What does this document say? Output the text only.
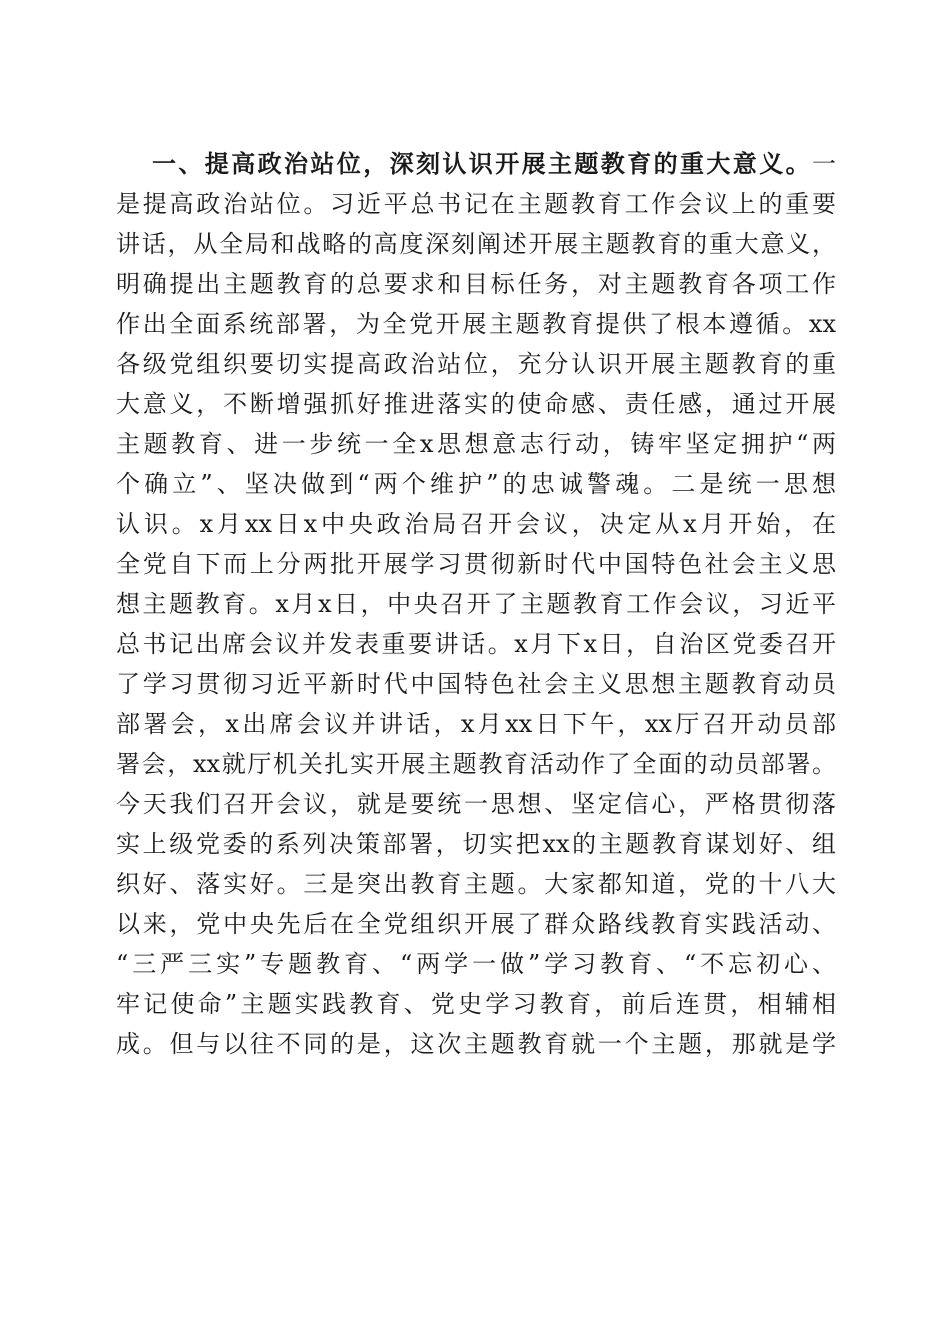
一、提高政治站位，深刻认识开展主题教育的重大意义。一
是提高政治站位。习近平总书记在主题教育工作会议上的重要
讲话，从全局和战略的高度深刻阐述开展主题教育的重大意义，
明确提出主题教育的总要求和目标任务，对主题教育各项工作
作出全面系统部署，为全党开展主题教育提供了根本遵循。xx
各级党组织要切实提高政治站位，充分认识开展主题教育的重
大意义，不断增强抓好推进落实的使命感、责任感，通过开展
主题教育、进一步统一全x思想意志行动，铸牢坚定拥护“两
个确立”、坚决做到“两个维护”的忠诚警魂。二是统一思想
认识。x月xx日x中央政治局召开会议，决定从x月开始，在
全党自下而上分两批开展学习贯彻新时代中国特色社会主义思
想主题教育。x月x日，中央召开了主题教育工作会议，习近平
总书记出席会议并发表重要讲话。x月下x日，自治区党委召开
了学习贯彻习近平新时代中国特色社会主义思想主题教育动员
部署会，x出席会议并讲话，x月xx日下午，xx厅召开动员部
署会，xx就厅机关扎实开展主题教育活动作了全面的动员部署。
今天我们召开会议，就是要统一思想、坚定信心，严格贯彻落
实上级党委的系列决策部署，切实把xx的主题教育谋划好、组
织好、落实好。三是突出教育主题。大家都知道，党的十八大
以来，党中央先后在全党组织开展了群众路线教育实践活动、
“三严三实”专题教育、“两学一做”学习教育、“不忘初心、
牢记使命”主题实践教育、党史学习教育，前后连贯，相辅相
成。但与以往不同的是，这次主题教育就一个主题，那就是学
